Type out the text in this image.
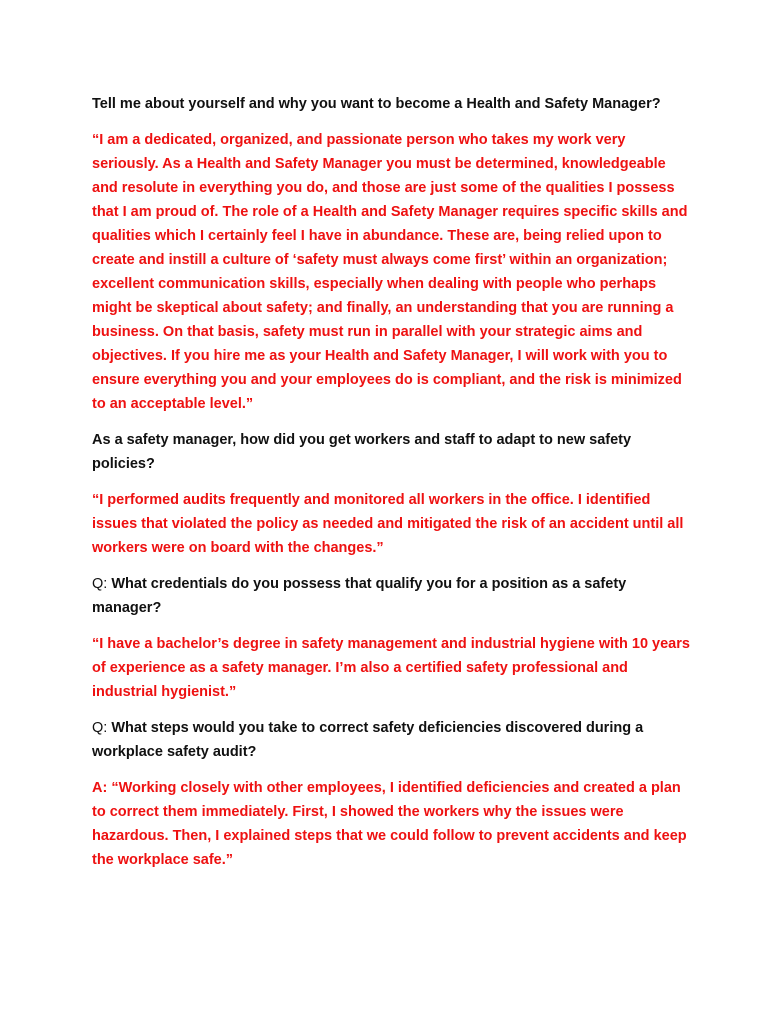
Tell me about yourself and why you want to become a Health and Safety Manager?

“I am a dedicated, organized, and passionate person who takes my work very seriously. As a Health and Safety Manager you must be determined, knowledgeable and resolute in everything you do, and those are just some of the qualities I possess that I am proud of. The role of a Health and Safety Manager requires specific skills and qualities which I certainly feel I have in abundance. These are, being relied upon to create and instill a culture of ‘safety must always come first’ within an organization; excellent communication skills, especially when dealing with people who perhaps might be skeptical about safety; and finally, an understanding that you are running a business. On that basis, safety must run in parallel with your strategic aims and objectives. If you hire me as your Health and Safety Manager, I will work with you to ensure everything you and your employees do is compliant, and the risk is minimized to an acceptable level.”

As a safety manager, how did you get workers and staff to adapt to new safety policies?

“I performed audits frequently and monitored all workers in the office. I identified issues that violated the policy as needed and mitigated the risk of an accident until all workers were on board with the changes.”

Q: What credentials do you possess that qualify you for a position as a safety manager?

“I have a bachelor’s degree in safety management and industrial hygiene with 10 years of experience as a safety manager. I’m also a certified safety professional and industrial hygienist.”

Q: What steps would you take to correct safety deficiencies discovered during a workplace safety audit?

A: “Working closely with other employees, I identified deficiencies and created a plan to correct them immediately. First, I showed the workers why the issues were hazardous. Then, I explained steps that we could follow to prevent accidents and keep the workplace safe.”
